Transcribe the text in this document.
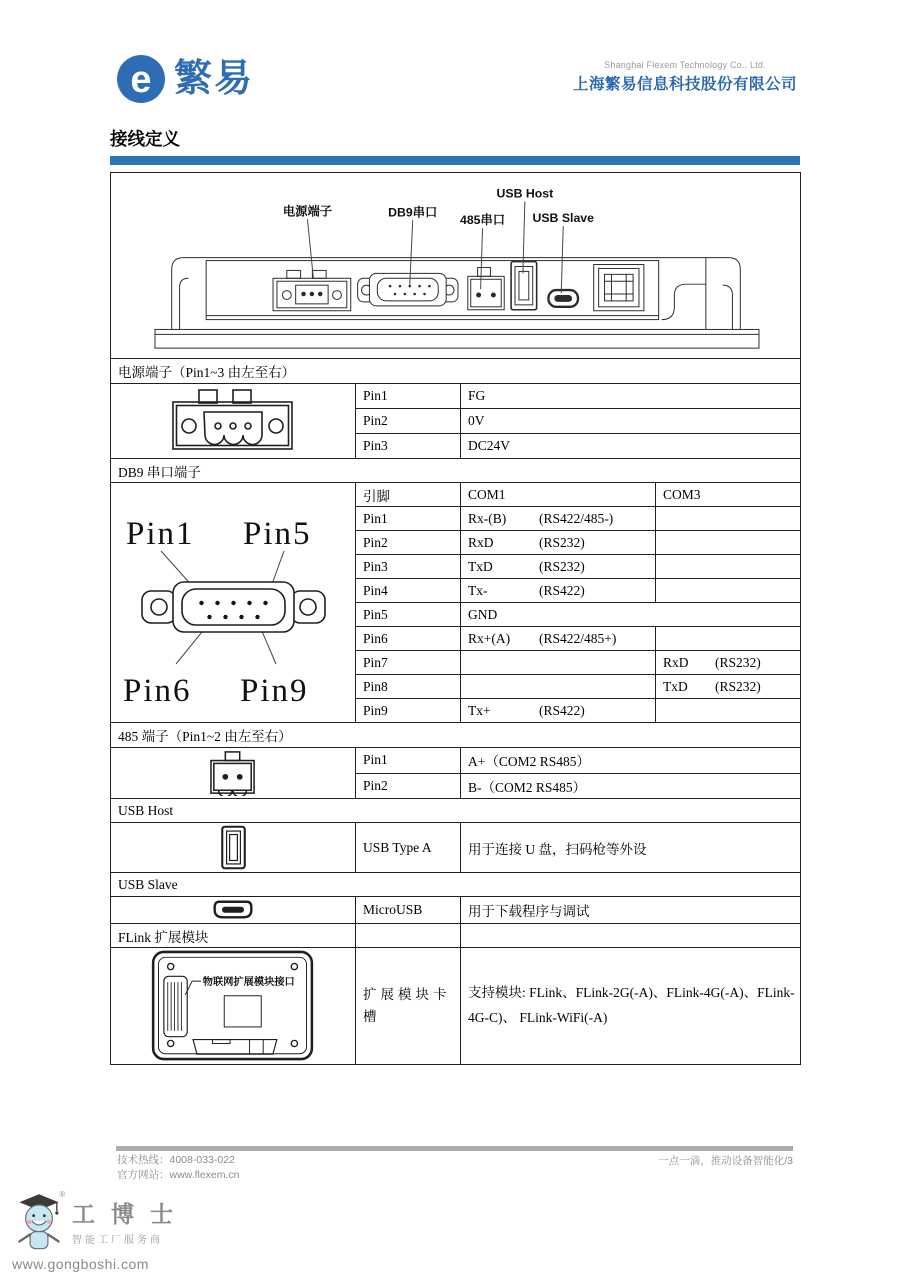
e 繁易	Shanghai Flexem Technology Co., Ltd.
上海繁易信息科技股份有限公司
接线定义
电源端子 DB9串口
485串口
USB Host
USB Slave			

电源端子（Pin1~3 由左至右）			

	Pin1	FG	
	Pin2	0V	
	Pin3	DC24V	
DB9 串口端子			

Pin1 Pin5
Pin6 Pin9	引脚	COM1	COM3
	Pin1	Rx-(B) (RS422/485-)	
	Pin2	RxD (RS232)	
	Pin3	TxD (RS232)	
	Pin4	Tx- (RS422)	
	Pin5	GND	
	Pin6	Rx+(A) (RS422/485+)	
	Pin7		RxD (RS232)
	Pin8		TxD (RS232)
	Pin9	Tx+ (RS422)	
485 端子（Pin1~2 由左至右）			

	Pin1	A+（COM2 RS485）	
	Pin2	B-（COM2 RS485）	
USB Host			

	USB Type A	用于连接 U 盘，扫码枪等外设	
USB Slave			

	MicroUSB	用于下载程序与调试	
FLink 扩展模块			

物联网扩展模块接口	扩展模块卡槽	支持模块: FLink、FLink-2G(-A)、FLink-4G(-A)、FLink-4G-C)、 FLink-WiFi(-A)	
技术热线：4008-033-022
官方网站：www.flexem.cn
一点一滴，推动设备智能化/3
®
工博士
智能工厂服务商
www.gongboshi.com
